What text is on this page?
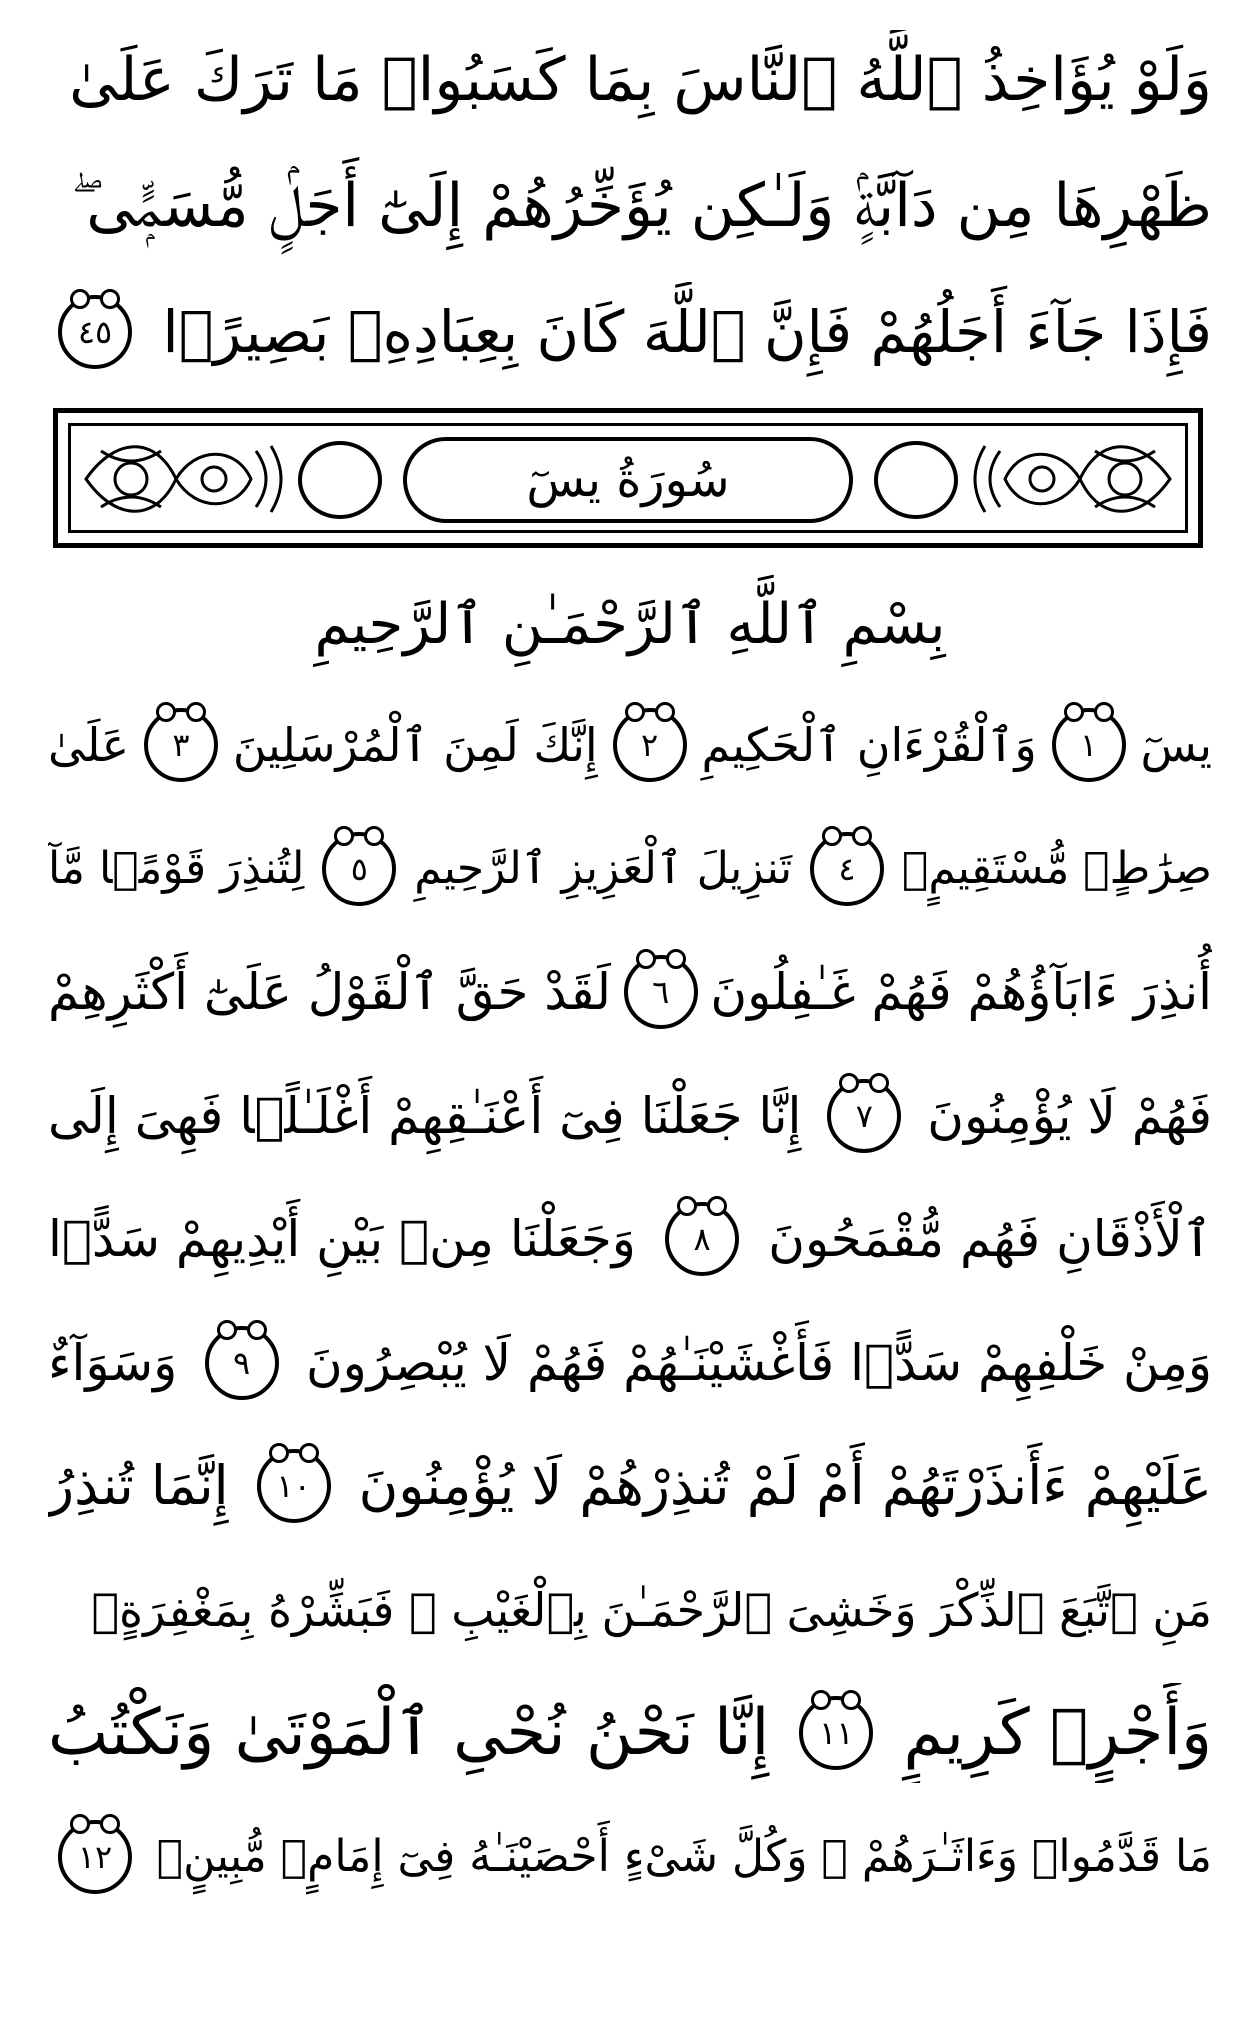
وَلَوْ يُؤَاخِذُ ٱللَّهُ ٱلنَّاسَ بِمَا كَسَبُوا۟ مَا تَرَكَ عَلَىٰ
ظَهْرِهَا مِن دَآبَّةٍۢ وَلَـٰكِن يُؤَخِّرُهُمْ إِلَىٰٓ أَجَلٍۢ مُّسَمًّۭى ۖ
فَإِذَا جَآءَ أَجَلُهُمْ فَإِنَّ ٱللَّهَ كَانَ بِعِبَادِهِۦ بَصِيرًۢا
٤٥
سُورَةُ يسٓ
بِسْمِ ٱللَّهِ ٱلرَّحْمَـٰنِ ٱلرَّحِيمِ
يسٓ
١
وَٱلْقُرْءَانِ ٱلْحَكِيمِ
٢
إِنَّكَ لَمِنَ ٱلْمُرْسَلِينَ
٣
عَلَىٰ
صِرَٰطٍۢ مُّسْتَقِيمٍۢ
٤
تَنزِيلَ ٱلْعَزِيزِ ٱلرَّحِيمِ
٥
لِتُنذِرَ قَوْمًۭا مَّآ
أُنذِرَ ءَابَآؤُهُمْ فَهُمْ غَـٰفِلُونَ
٦
لَقَدْ حَقَّ ٱلْقَوْلُ عَلَىٰٓ أَكْثَرِهِمْ
فَهُمْ لَا يُؤْمِنُونَ
٧
إِنَّا جَعَلْنَا فِىٓ أَعْنَـٰقِهِمْ أَغْلَـٰلًۭا فَهِىَ إِلَى
ٱلْأَذْقَانِ فَهُم مُّقْمَحُونَ
٨
وَجَعَلْنَا مِنۢ بَيْنِ أَيْدِيهِمْ سَدًّۭا
وَمِنْ خَلْفِهِمْ سَدًّۭا فَأَغْشَيْنَـٰهُمْ فَهُمْ لَا يُبْصِرُونَ
٩
وَسَوَآءٌ
عَلَيْهِمْ ءَأَنذَرْتَهُمْ أَمْ لَمْ تُنذِرْهُمْ لَا يُؤْمِنُونَ
١٠
إِنَّمَا تُنذِرُ
مَنِ ٱتَّبَعَ ٱلذِّكْرَ وَخَشِىَ ٱلرَّحْمَـٰنَ بِٱلْغَيْبِ ۖ فَبَشِّرْهُ بِمَغْفِرَةٍۢ
وَأَجْرٍۢ كَرِيمٍ
١١
إِنَّا نَحْنُ نُحْىِ ٱلْمَوْتَىٰ وَنَكْتُبُ
مَا قَدَّمُوا۟ وَءَاثَـٰرَهُمْ ۚ وَكُلَّ شَىْءٍ أَحْصَيْنَـٰهُ فِىٓ إِمَامٍۢ مُّبِينٍۢ
١٢
